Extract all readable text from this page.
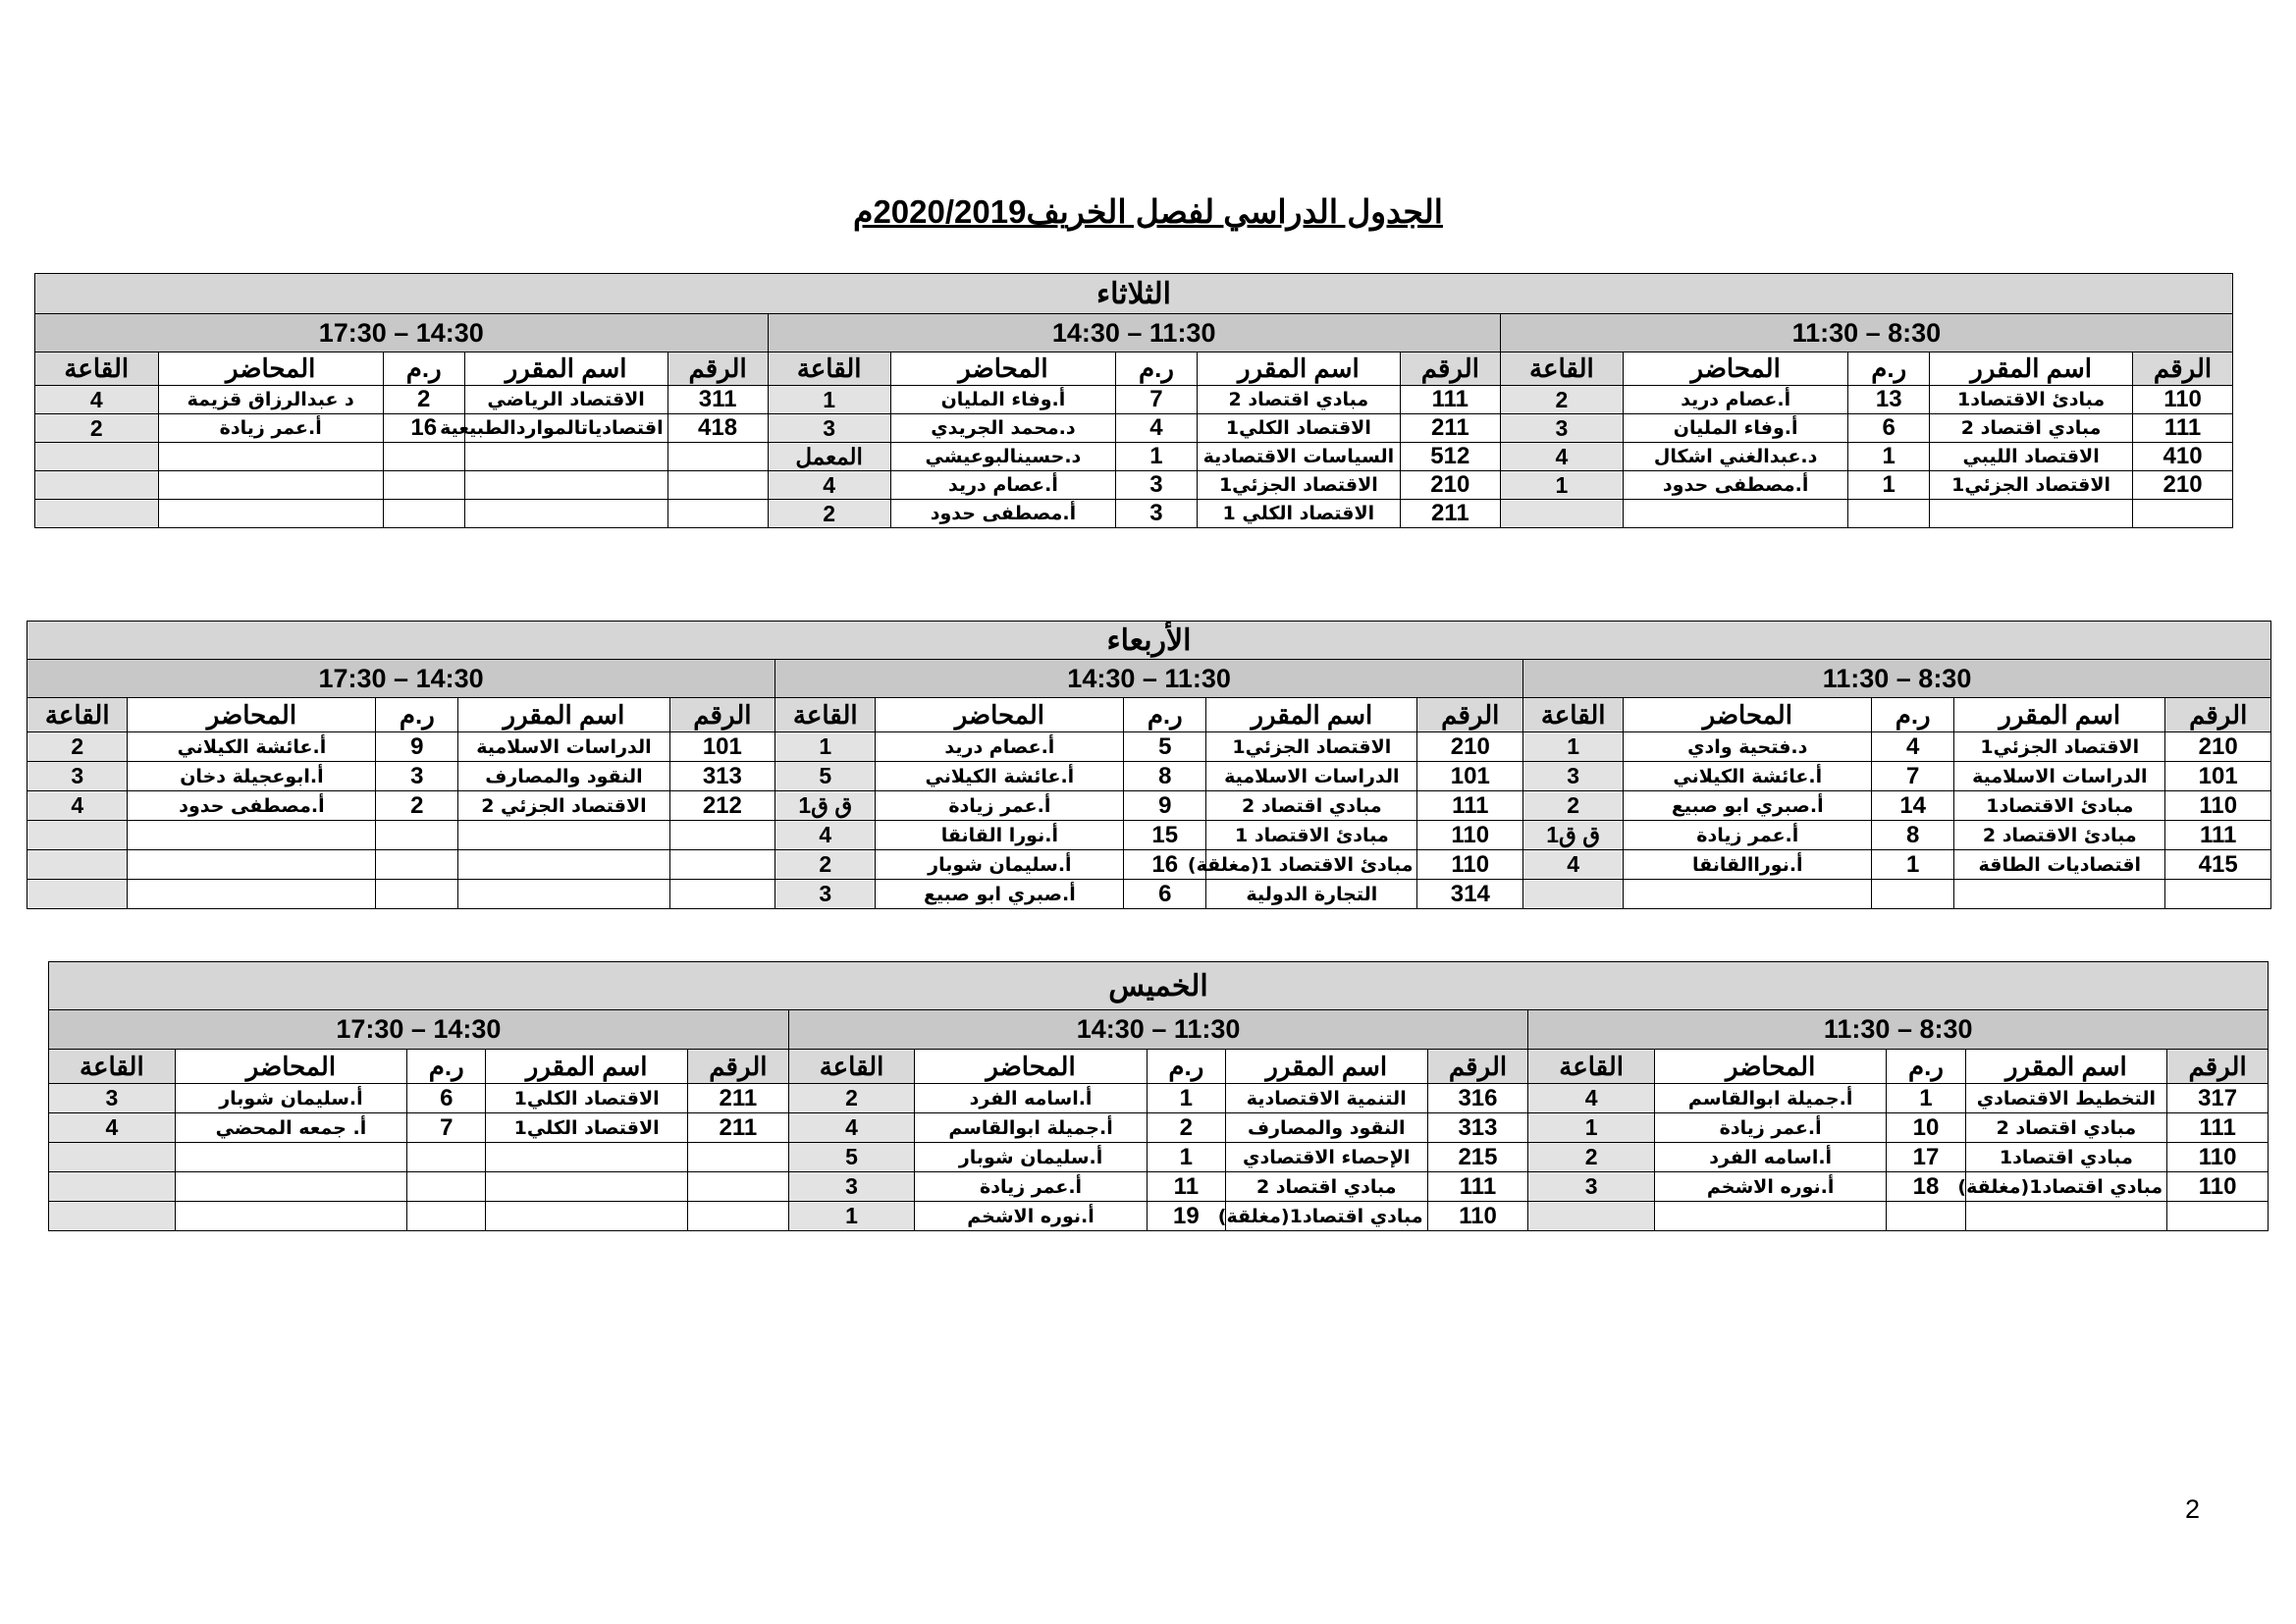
الجدول الدراسي لفصل الخريف2020/2019م
الثلاثاء														
11:30 – 8:30					14:30 – 11:30					17:30 – 14:30				
الرقم	اسم المقرر	ر.م	المحاضر	القاعة	الرقم	اسم المقرر	ر.م	المحاضر	القاعة	الرقم	اسم المقرر	ر.م	المحاضر	القاعة
110	مبادئ الاقتصاد1	13	أ.عصام دريد	2	111	مبادي اقتصاد 2	7	أ.وفاء المليان	1	311	الاقتصاد الرياضي	2	د عبدالرزاق قزيمة	4
111	مبادي اقتصاد 2	6	أ.وفاء المليان	3	211	الاقتصاد الكلي1	4	د.محمد الجريدي	3	418	اقتصادياتالمواردالطبيعية	16	أ.عمر زيادة	2
410	الاقتصاد الليبي	1	د.عبدالغني اشكال	4	512	السياسات الاقتصادية	1	د.حسينالبوعيشي	المعمل					
210	الاقتصاد الجزئي1	1	أ.مصطفى حدود	1	210	الاقتصاد الجزئي1	3	أ.عصام دريد	4					
					211	الاقتصاد الكلي 1	3	أ.مصطفى حدود	2					
الأربعاء														
11:30 – 8:30					14:30 – 11:30					17:30 – 14:30				
الرقم	اسم المقرر	ر.م	المحاضر	القاعة	الرقم	اسم المقرر	ر.م	المحاضر	القاعة	الرقم	اسم المقرر	ر.م	المحاضر	القاعة
210	الاقتصاد الجزئي1	4	د.فتحية وادي	1	210	الاقتصاد الجزئي1	5	أ.عصام دريد	1	101	الدراسات الاسلامية	9	أ.عائشة الكيلاني	2
101	الدراسات الاسلامية	7	أ.عائشة الكيلاني	3	101	الدراسات الاسلامية	8	أ.عائشة الكيلاني	5	313	النقود والمصارف	3	أ.ابوعجيلة دخان	3
110	مبادئ الاقتصاد1	14	أ.صبري ابو صبيع	2	111	مبادي اقتصاد 2	9	أ.عمر زيادة	ق ق1	212	الاقتصاد الجزئي 2	2	أ.مصطفى حدود	4
111	مبادئ الاقتصاد 2	8	أ.عمر زيادة	ق ق1	110	مبادئ الاقتصاد 1	15	أ.نورا القانقا	4					
415	اقتصاديات الطاقة	1	أ.نوراالقانقا	4	110	مبادئ الاقتصاد 1(مغلقة)	16	أ.سليمان شوبار	2					
					314	التجارة الدولية	6	أ.صبري ابو صبيع	3					
الخميس														
11:30 – 8:30					14:30 – 11:30					17:30 – 14:30				
الرقم	اسم المقرر	ر.م	المحاضر	القاعة	الرقم	اسم المقرر	ر.م	المحاضر	القاعة	الرقم	اسم المقرر	ر.م	المحاضر	القاعة
317	التخطيط الاقتصادي	1	أ.جميلة ابوالقاسم	4	316	التنمية الاقتصادية	1	أ.اسامه الفرد	2	211	الاقتصاد الكلي1	6	أ.سليمان شوبار	3
111	مبادي اقتصاد 2	10	أ.عمر زيادة	1	313	النقود والمصارف	2	أ.جميلة ابوالقاسم	4	211	الاقتصاد الكلي1	7	أ. جمعه المحضي	4
110	مبادي اقتصاد1	17	أ.اسامه الفرد	2	215	الإحصاء الاقتصادي	1	أ.سليمان شوبار	5					
110	مبادي اقتصاد1(مغلقة)	18	أ.نوره الاشخم	3	111	مبادي اقتصاد 2	11	أ.عمر زيادة	3					
					110	مبادي اقتصاد1(مغلقة)	19	أ.نوره الاشخم	1					
2
